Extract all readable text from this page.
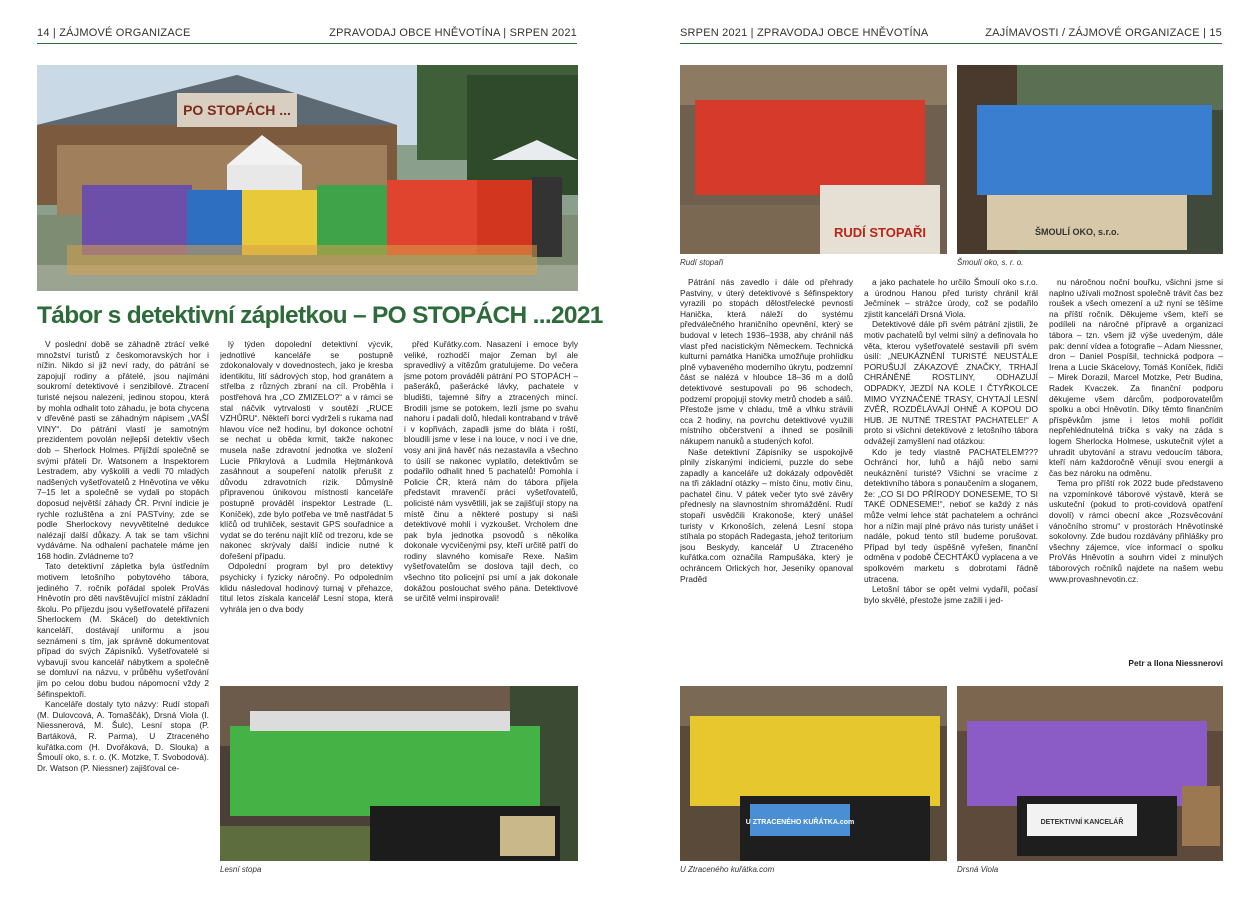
14 | ZÁJMOVÉ ORGANIZACE	ZPRAVODAJ OBCE HNĚVOTÍNA | SRPEN 2021
PO STOPÁCH ...
Tábor s detektivní zápletkou – PO STOPÁCH ...2021

V poslední době se záhadně ztrácí velké množství turistů z českomoravských hor i nížin. Nikdo si již neví rady, do pátrání se zapojují rodiny a přátelé, jsou najímáni soukromí detektivové i senzibilové. Ztracení turisté nejsou nalezeni, jedinou stopou, která by mohla odhalit toto záhadu, je bota chycena v dřevěné pasti se záhadným nápisem „VAŠÍ VINY“. Do pátrání vlastí je samotným prezidentem povolán nejlepší detektiv všech dob – Sherlock Holmes. Přijíždí společně se svými přáteli Dr. Watsonem a Inspektorem Lestradem, aby vyškolili a vedli 70 mladých nadšených vyšetřovatelů z Hněvotína ve věku 7–15 let a společně se vydali po stopách doposud největší záhady ČR. První indicie je rychle rozluštěna a zní PASTviny, zde se podle Sherlockovy nevyvětitelné dedukce nalézají další důkazy. A tak se tam všichni vydáváme. Na odhalení pachatele máme jen 168 hodin. Zvládneme to?

Tato detektivní zápletka byla ústředním motivem letošního pobytového tábora, jediného 7. ročník pořádal spolek ProVás Hněvotín pro děti navštěvující místní základní školu. Po příjezdu jsou vyšetřovatelé přiřazeni Sherlockem (M. Skácel) do detektivních kanceláří, dostávají uniformu a jsou seznámeni s tím, jak správně dokumentovat případ do svých Zápisníků. Vyšetřovatelé si vybavují svou kancelář nábytkem a společně se domluví na názvu, v průběhu vyšetřování jim po celou dobu budou nápomocní vždy 2 šéfinspektoři.

Kanceláře dostaly tyto názvy: Rudí stopaři (M. Dulovcová, A. Tomaščák), Drsná Viola (I. Niessnerová, M. Šulc), Lesní stopa (P. Bartáková, R. Parma), U Ztraceného kuřátka.com (H. Dvořáková, D. Slouka) a Šmoulí oko, s. r. o. (K. Motzke, T. Svobodová). Dr. Watson (P. Niessner) zajišťoval ce-

lý týden dopolední detektivní výcvik, jednotlivé kanceláře se postupně zdokonalovaly v dovednostech, jako je kresba identikitu, lití sádrových stop, hod granátem a střelba z různých zbraní na cíl. Proběhla i postřehová hra „CO ZMIZELO?“ a v rámci se stal náčvik vytrvalosti v soutěži „RUCE VZHŮRU“. Někteří borci vydrželi s rukama nad hlavou více než hodinu, byl dokonce ochotní se nechat u oběda krmit, takže nakonec musela naše zdravotní jednotka ve složení Lucie Přikrylová a Ludmila Hejtmánková zasáhnout a soupeření natolik přerušit z důvodu zdravotních rizik. Důmyslně připravenou únikovou místnosti kanceláře postupně prováděl inspektor Lestrade (L. Koníček), zde bylo potřeba ve tmě nastřádat 5 klíčů od truhliček, sestavit GPS souřadnice a vydat se do terénu najít klíč od trezoru, kde se nakonec skrývaly další indicie nutné k dořešení případu.

Odpolední program byl pro detektivy psychicky i fyzicky náročný. Po odpoledním klidu následoval hodinový turnaj v přehazce, titul letos získala kancelář Lesní stopa, která vyhrála jen o dva body

před Kuřátky.com. Nasazení i emoce byly veliké, rozhodčí major Zeman byl ale spravedlivý a vítězům gratulujeme. Do večera jsme potom prováděli pátrání PO STOPÁCH – pašeráků, pašerácké lávky, pachatele v bludišti, tajemné šifry a ztracených mincí. Brodili jsme se potokem, lezli jsme po svahu nahoru i padali dolů, hledali kontraband v trávě i v kopřivách, zapadli jsme do bláta i roští, bloudili jsme v lese i na louce, v noci i ve dne, vosy ani jiná havěť nás nezastavila a všechno to úsilí se nakonec vyplatilo, detektivům se podařilo odhalit hned 5 pachatelů! Pomohla i Policie ČR, která nám do tábora přijela představit mravenčí práci vyšetřovatelů, policisté nám vysvětlili, jak se zajišťují stopy na místě činu a některé postupy si naši detektivové mohli i vyzkoušet. Vrcholem dne pak byla jednotka psovodů s několika dokonale vycvičenými psy, kteří určitě patří do rodiny slavného komisaře Rexe. Našim vyšetřovatelům se doslova tajil dech, co všechno tito policejní psi umí a jak dokonale dokážou poslouchat svého pána. Detektivové se určitě velmi inspirovali!

Lesní stopa
SRPEN 2021 | ZPRAVODAJ OBCE HNĚVOTÍNA	ZAJÍMAVOSTI / ZÁJMOVÉ ORGANIZACE | 15
RUDÍ STOPAŘI
Rudí stopaři
ŠMOULÍ OKO, s.r.o.
Šmoulí oko, s. r. o.

Pátrání nás zavedlo i dále od přehrady Pastviny, v úterý detektivové s šéfinspektory vyrazili po stopách dělostřelecké pevnosti Hanička, která náleží do systému předválečného hraničního opevnění, který se budoval v letech 1936–1938, aby chránil náš vlast před nacistickým Německem. Technická kulturní památka Hanička umožňuje prohlídku plně vybaveného moderního úkrytu, podzemní část se nalézá v hloubce 18–36 m a dolů detektivové sestupovali po 96 schodech, podzemí propojují stovky metrů chodeb a sálů. Přestože jsme v chladu, tmě a vlhku strávili cca 2 hodiny, na povrchu detektivové využili místního občerstvení a ihned se posilnili nákupem nanuků a studených kofol.

Naše detektivní Zápisníky se uspokojivě plnily získanými indiciemi, puzzle do sebe zapadly a kanceláře už dokázaly odpovědět na tři základní otázky – místo činu, motiv činu, pachatel činu. V pátek večer tyto své závěry přednesly na slavnostním shromáždění. Rudí stopaři usvědčili Krakonoše, který unášel turisty v Krkonoších, zelená Lesní stopa stíhala po stopách Radegasta, jehož teritorium jsou Beskydy, kancelář U Ztraceného kuřátka.com označila Rampušáka, který je ochráncem Orlických hor, Jeseníky opanoval Praděd

a jako pachatele ho určilo Šmoulí oko s.r.o. a úrodnou Hanou před turisty chránil král Ječmínek – strážce úrody, což se podařilo zjistit kanceláři Drsná Viola.

Detektivové dále při svém pátrání zjistili, že motiv pachatelů byl velmi silný a definovala ho věta, kterou vyšetřovatelé sestavili při svém úsilí: „NEUKÁZNĚNÍ TURISTÉ NEUSTÁLE PORUŠUJÍ ZÁKAZOVÉ ZNAČKY, TRHAJÍ CHRÁNĚNÉ ROSTLINY, ODHAZUJÍ ODPADKY, JEZDÍ NA KOLE I ČTYŘKOLCE MIMO VYZNAČENÉ TRASY, CHYTAJÍ LESNÍ ZVĚŘ, ROZDĚLÁVAJÍ OHNĚ A KOPOU DO HUB. JE NUTNÉ TRESTAT PACHATELE!“ A proto si všichni detektivové z letošního tábora odvážejí zamyšlení nad otázkou:

Kdo je tedy vlastně PACHATELEM??? Ochránci hor, luhů a hájů nebo sami neukáznění turisté? Všichni se vracíme z detektivního tábora s ponaučením a sloganem, že: „CO SI DO PŘÍRODY DONESEME, TO SI TAKÉ ODNESEME!“, neboť se každý z nás může velmi lehce stát pachatelem a ochránci hor a nížin mají plné právo nás turisty unášet i nadále, pokud tento stíl budeme porušovat. Případ byl tedy úspěšně vyřešen, finanční odměna v podobě ČECHTÁKŮ vyplacena a ve spolkovém marketu s dobrotami řádně utracena.

Letošní tábor se opět velmi vydařil, počasí bylo skvělé, přestože jsme zažili i jed-

nu náročnou noční bouřku, všichni jsme si naplno užívali možnost společně trávit čas bez roušek a všech omezení a už nyní se těšíme na příští ročník. Děkujeme všem, kteří se podíleli na náročné přípravě a organizaci tábora – tzn. všem již výše uvedeným, dále pak: denní vídea a fotografie – Adam Niessner, dron – Daniel Pospíšil, technická podpora – Irena a Lucie Skácelovy, Tomáš Koníček, řidiči – Mirek Dorazil, Marcel Motzke, Petr Budina, Radek Kvaczek. Za finanční podporu děkujeme všem dárcům, podporovatelům spolku a obci Hněvotín. Díky těmto finančním příspěvkům jsme i letos mohli pořídit nepřehlédnutelná trička s vaky na záda s logem Sherlocka Holmese, uskutečnit výlet a uhradit ubytování a stravu vedoucím tábora, kteří nám každoročně věnují svou energii a čas bez nároku na odměnu.

Tema pro příští rok 2022 bude představeno na vzpomínkové táborové výstavě, která se uskuteční (pokud to proti-covidová opatření dovolí) v rámci obecní akce „Rozsvěcování vánočního stromu“ v prostorách Hněvotínské sokolovny. Zde budou rozdávány přihlášky pro všechny zájemce, více informací o spolku ProVás Hněvotín a souhrn videí z minulých táborových ročníků najdete na našem webu www.provashnevotin.cz.

Petr a Ilona Niessnerovi
U ZTRACENÉHO KUŘÁTKA.com
U Ztraceného kuřátka.com
DETEKTIVNÍ KANCELÁŘ
Drsná Viola
